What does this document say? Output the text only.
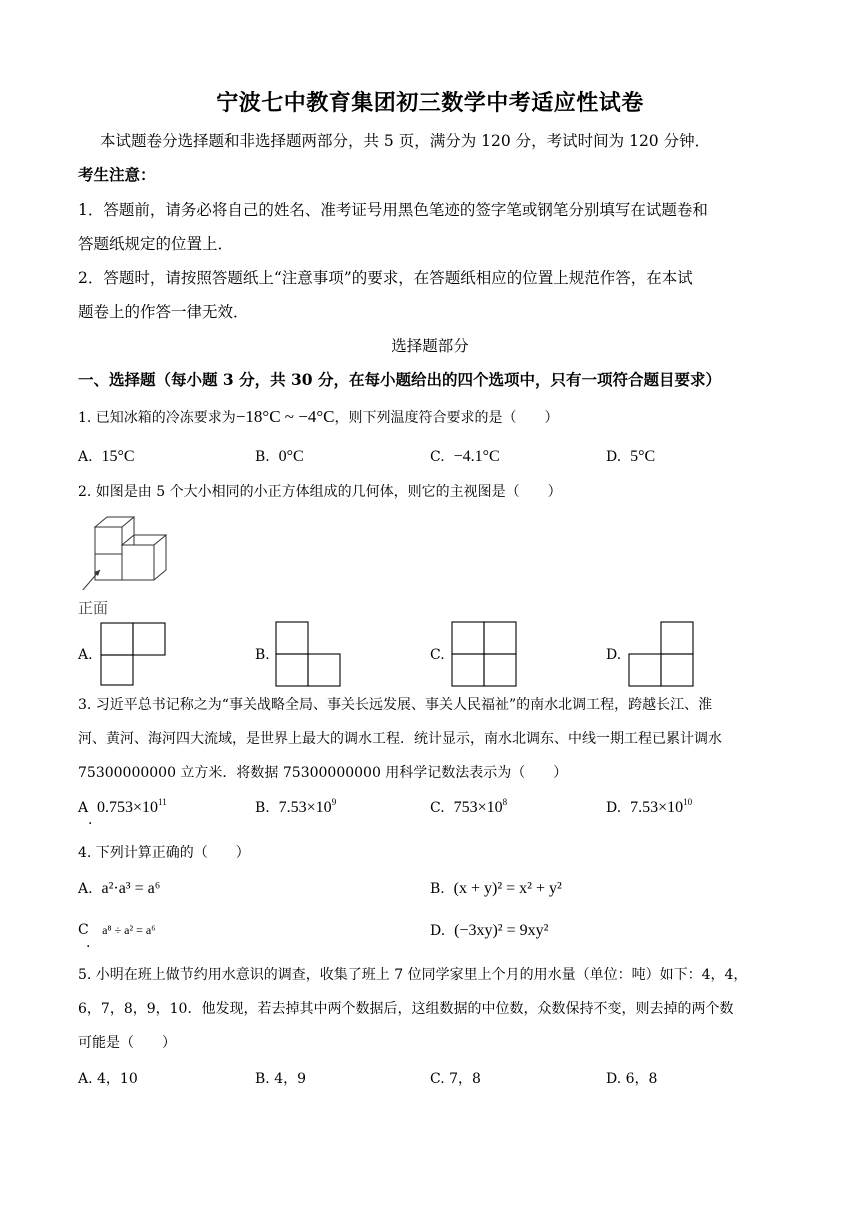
宁波七中教育集团初三数学中考适应性试卷
本试题卷分选择题和非选择题两部分，共 5 页，满分为 120 分，考试时间为 120 分钟．
考生注意：
1．答题前，请务必将自己的姓名、准考证号用黑色笔迹的签字笔或钢笔分别填写在试题卷和
答题纸规定的位置上．
2．答题时，请按照答题纸上“注意事项”的要求，在答题纸相应的位置上规范作答，在本试
题卷上的作答一律无效．
选择题部分
一、选择题（每小题 3 分，共 30 分，在每小题给出的四个选项中，只有一项符合题目要求）
1. 已知冰箱的冷冻要求为−18°C ~ −4°C，则下列温度符合要求的是（　　）
A. 15°C	B. 0°C	C. −4.1°C	D. 5°C
2. 如图是由 5 个大小相同的小正方体组成的几何体，则它的主视图是（　　）
正面
A.	B.	C.	D.
3. 习近平总书记称之为“事关战略全局、事关长远发展、事关人民福祉”的南水北调工程，跨越长江、淮
河、黄河、海河四大流域，是世界上最大的调水工程．统计显示，南水北调东、中线一期工程已累计调水
75300000000 立方米．将数据 75300000000 用科学记数法表示为（　　）
A $0.753\times 10^{11}$
.
B. $7.53\times 10^9$	C. $753\times 10^8$	D. $7.53\times 10^{10}$
4. 下列计算正确的（　　）
A. a²·a³ = a⁶	B. (x + y)² = x² + y²
C a⁸ ÷ a² = a⁶
.
D. (−3xy)² = 9xy²
5. 小明在班上做节约用水意识的调查，收集了班上 7 位同学家里上个月的用水量（单位：吨）如下：4，4，
6，7，8，9，10．他发现，若去掉其中两个数据后，这组数据的中位数，众数保持不变，则去掉的两个数
可能是（　　）
A. 4，10	B. 4，9	C. 7，8	D. 6，8
